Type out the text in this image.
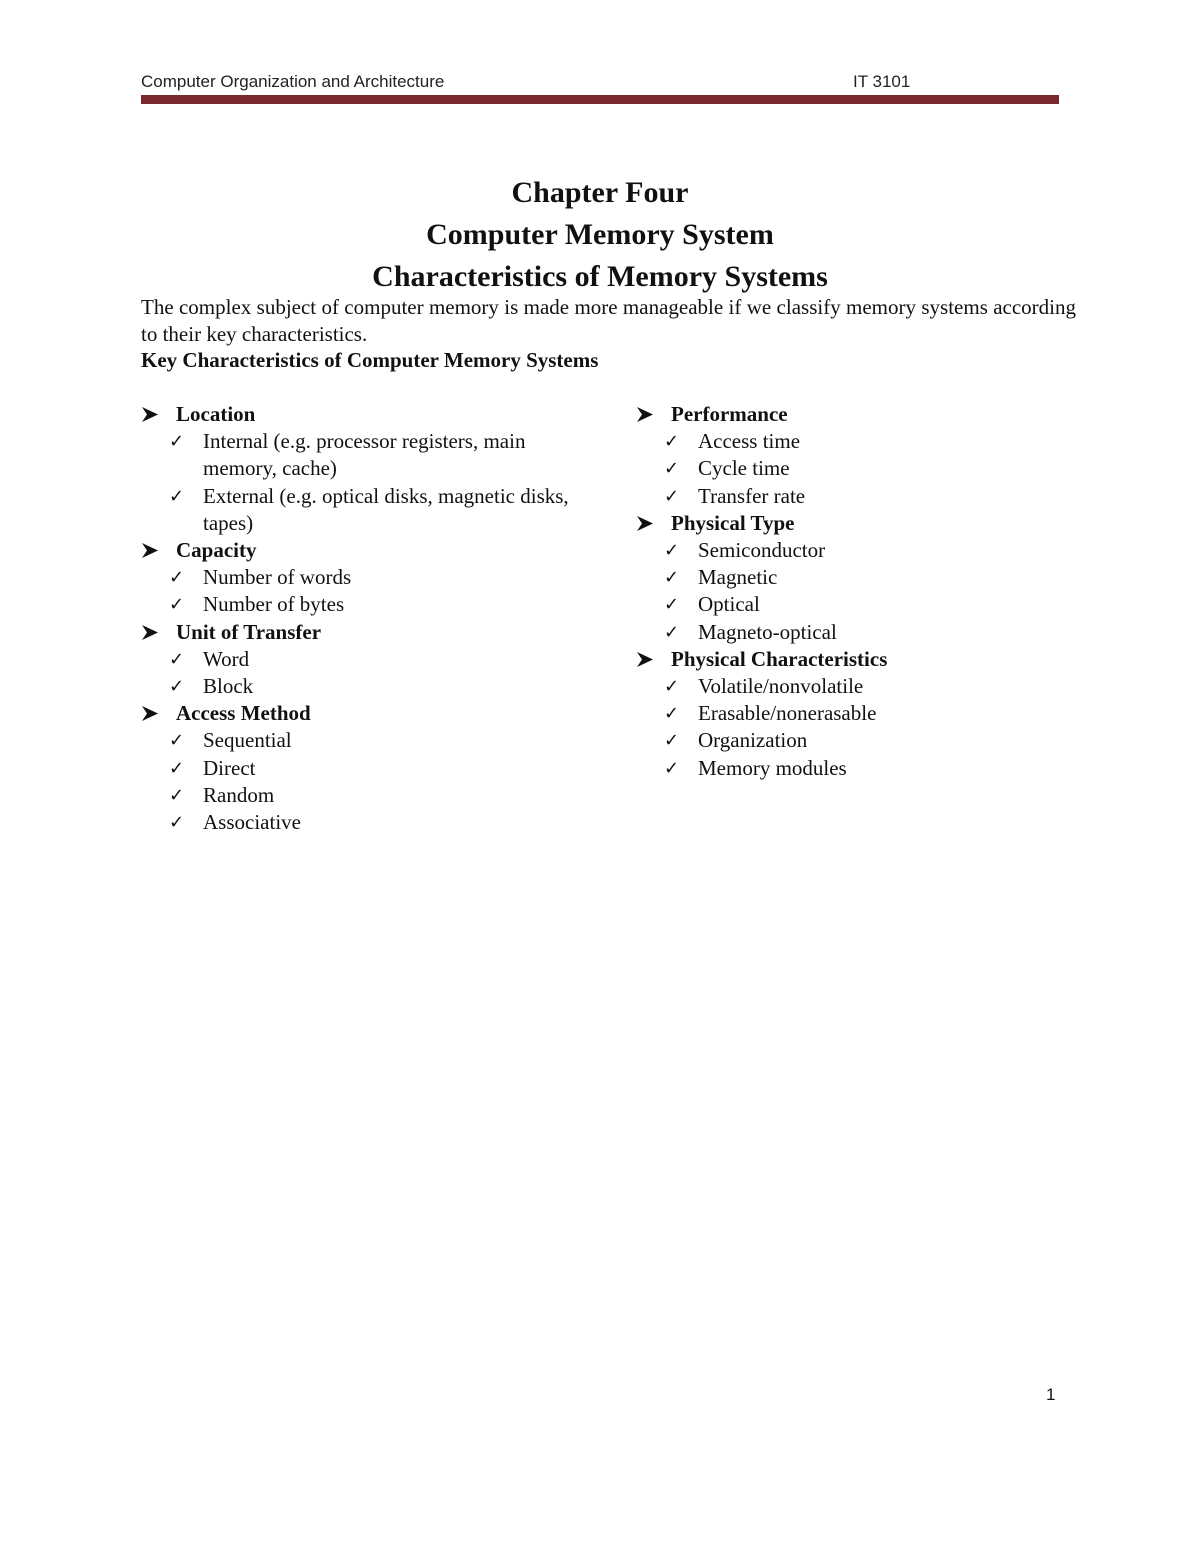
Computer Organization and Architecture	IT 3101
Chapter Four
Computer Memory System
Characteristics of Memory Systems
The complex subject of computer memory is made more manageable if we classify memory systems according to their key characteristics.
Key Characteristics of Computer Memory Systems
Location
✓ Internal (e.g. processor registers, main memory, cache)
✓ External (e.g. optical disks, magnetic disks, tapes)
Capacity
✓ Number of words
✓ Number of bytes
Unit of Transfer
✓ Word
✓ Block
Access Method
✓ Sequential
✓ Direct
✓ Random
✓ Associative
Performance
✓ Access time
✓ Cycle time
✓ Transfer rate
Physical Type
✓ Semiconductor
✓ Magnetic
✓ Optical
✓ Magneto-optical
Physical Characteristics
✓ Volatile/nonvolatile
✓ Erasable/nonerasable
✓ Organization
✓ Memory modules
1
